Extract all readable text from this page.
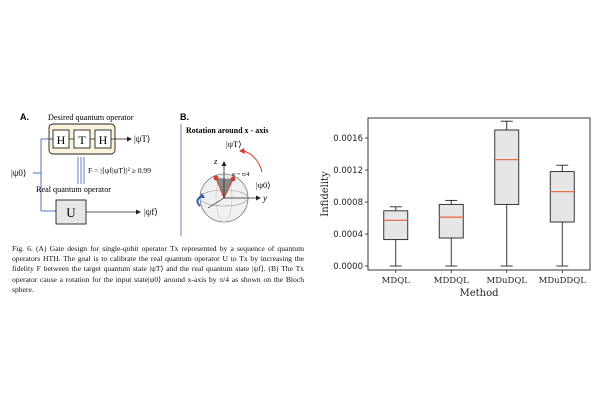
A. Desired quantum operator
H T H	|ψT⟩
|ψ0⟩	F = |⟨ψf|ψT⟩|² ≥ 0.99
Real quantum operator
U	|ψf⟩
B.
Rotation around x - axis
|ψT⟩
z
y
φ = π/4
|ψ0⟩
Fig. 6. (A) Gate design for single-qubit operator Tx represented by a sequence of quantum operators HTH. The goal is to calibrate the real quantum operator U to Tx by increasing the fidelity F between the target quantum state |ψT⟩ and the real quantum state |ψf⟩. (B) The Tx operator cause a rotation for the input state|ψ0⟩ around x-axis by π/4 as shown on the Bloch sphere.
0.0000
0.0004
0.0008
0.0012
0.0016
MDQL	MDDQL MDuDQL MDuDDQL
Method
Infidelity
